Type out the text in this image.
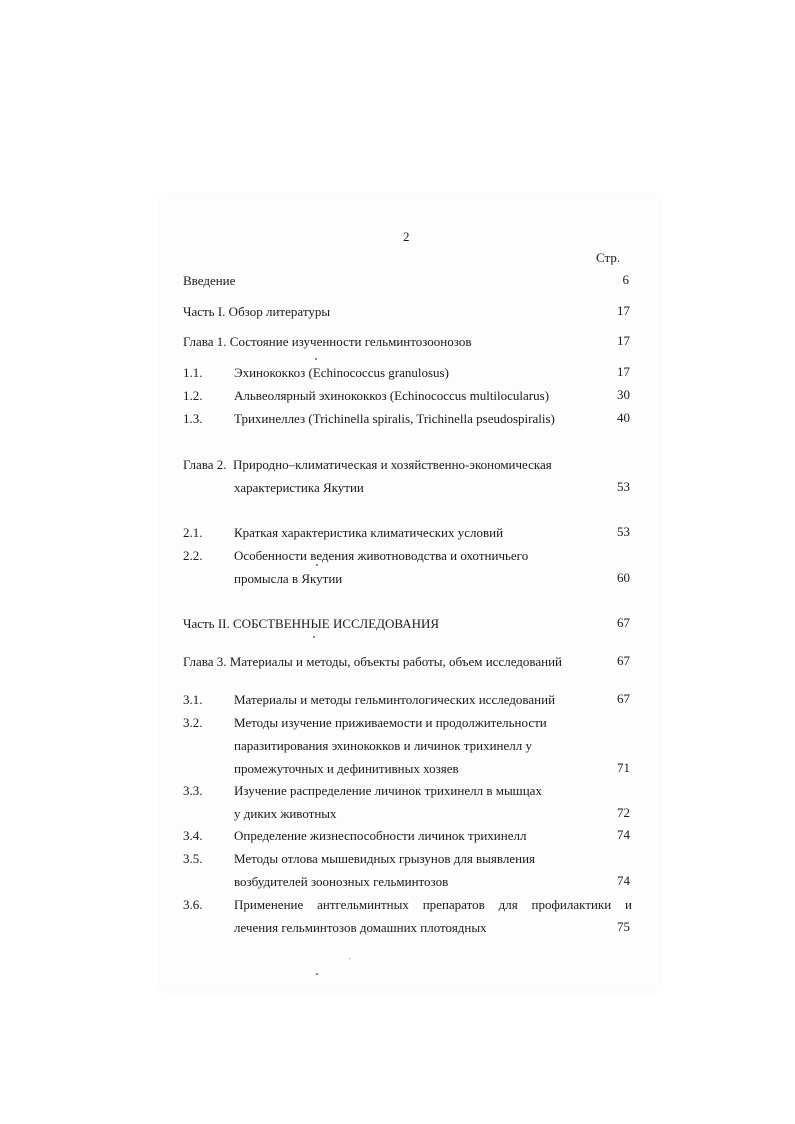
2
Стр.
Введение	6
Часть I. Обзор литературы	17
Глава 1. Состояние изученности гельминтозоонозов	17
1.1. Эхинококкоз (Echinococcus granulosus)	17
1.2. Альвеолярный эхинококкоз (Echinococcus multilocularus)	30
1.3. Трихинеллез (Trichinella spiralis, Trichinella pseudospiralis)	40
Глава 2.  Природно–климатическая и хозяйственно-экономическая
характеристика Якутии	53
2.1. Краткая характеристика климатических условий	53
2.2. Особенности ведения животноводства и охотничьего
промысла в Якутии	60
Часть II. СОБСТВЕННЫЕ ИССЛЕДОВАНИЯ	67
Глава 3. Материалы и методы, объекты работы, объем исследований	67
3.1. Материалы и методы гельминтологических исследований	67
3.2. Методы изучение приживаемости и продолжительности
паразитирования эхинококков и личинок трихинелл у
промежуточных и дефинитивных хозяев	71
3.3. Изучение распределение личинок трихинелл в мышцах
у диких животных	72
3.4. Определение жизнеспособности личинок трихинелл	74
3.5. Методы отлова мышевидных грызунов для выявления
возбудителей зоонозных гельминтозов	74
3.6. Применение антгельминтных препаратов для профилактики и
лечения гельминтозов домашних плотоядных	75
